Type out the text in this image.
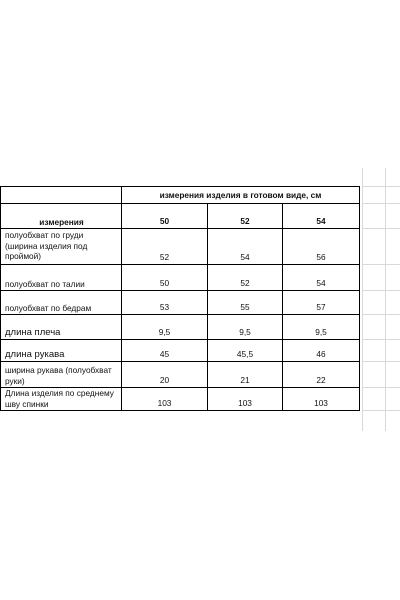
	измерения изделия в готовом виде, см		
измерения	50	52	54
полуобхват по груди (ширина изделия под проймой)	52	54	56
полуобхват по талии	50	52	54
полуобхват по бедрам	53	55	57
длина плеча	9,5	9,5	9,5
длина рукава	45	45,5	46
ширина рукава (полуобхват руки)	20	21	22
Длина изделия по среднему шву спинки	103	103	103
